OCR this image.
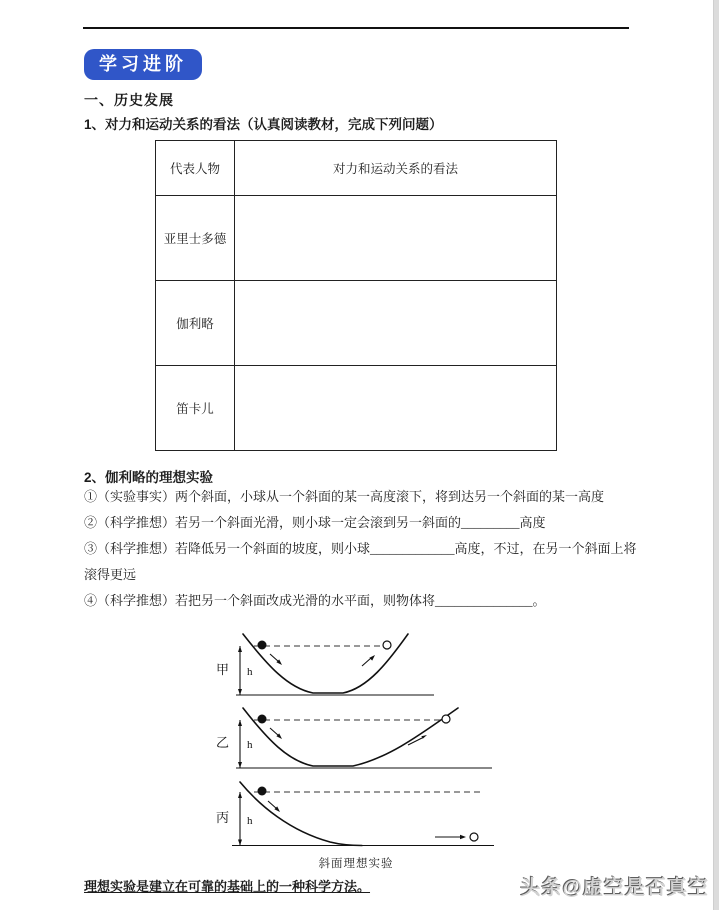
学习进阶
一、历史发展
1、对力和运动关系的看法（认真阅读教材，完成下列问题）
代表人物	对力和运动关系的看法
亚里士多德	
伽利略	
笛卡儿	
2、伽利略的理想实验

①（实验事实）两个斜面，小球从一个斜面的某一高度滚下，将到达另一个斜面的某一高度

②（科学推想）若另一个斜面光滑，则小球一定会滚到另一斜面的_________高度

③（科学推想）若降低另一个斜面的坡度，则小球_____________高度，不过，在另一个斜面上将

滚得更远

④（科学推想）若把另一个斜面改成光滑的水平面，则物体将_______________。

甲 h
乙 h
丙 h
斜面理想实验
理想实验是建立在可靠的基础上的一种科学方法。	头条@虚空是否真空
